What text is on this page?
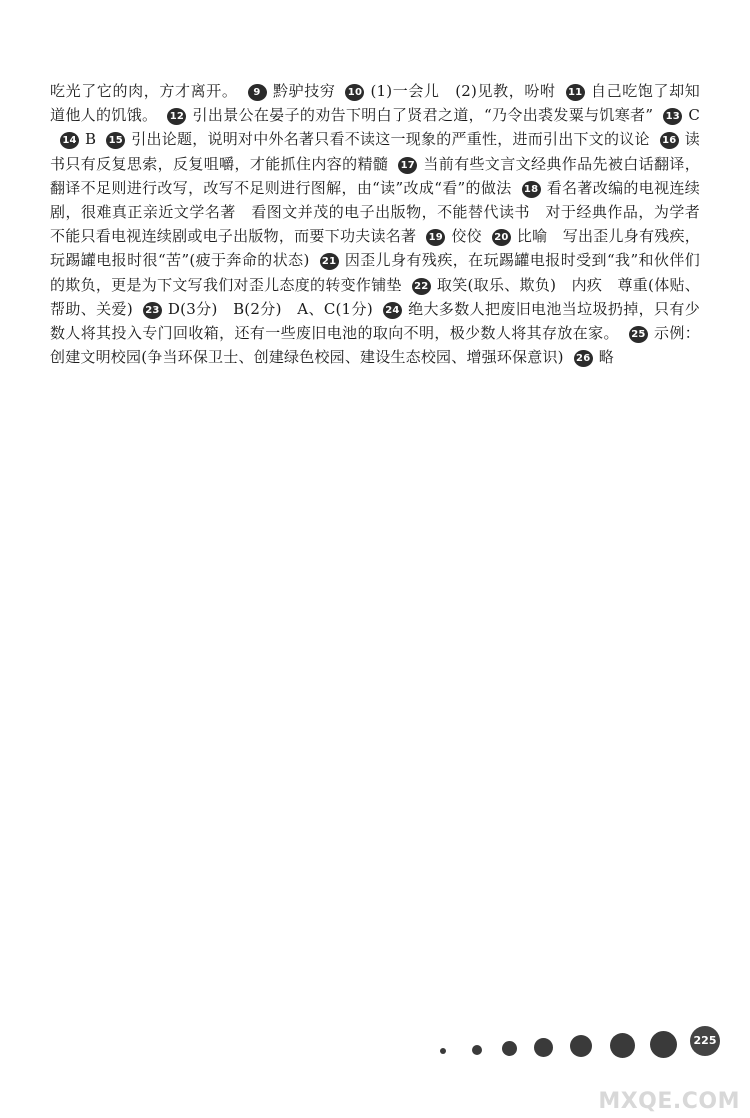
吃光了它的肉，方才离开。 9 黔驴技穷 10 (1)一会儿　(2)见教，吩咐 11 自己吃饱了却知道他人的饥饿。 12 引出景公在晏子的劝告下明白了贤君之道，“乃令出裘发粟与饥寒者” 13 C14 B 15 引出论题，说明对中外名著只看不读这一现象的严重性，进而引出下文的议论 16 读书只有反复思索，反复咀嚼，才能抓住内容的精髓 17 当前有些文言文经典作品先被白话翻译，翻译不足则进行改写，改写不足则进行图解，由“读”改成“看”的做法 18 看名著改编的电视连续剧，很难真正亲近文学名著　看图文并茂的电子出版物，不能替代读书　对于经典作品，为学者不能只看电视连续剧或电子出版物，而要下功夫读名著 19 佼佼 20 比喻　写出歪儿身有残疾，玩踢罐电报时很“苦”(疲于奔命的状态) 21 因歪儿身有残疾，在玩踢罐电报时受到“我”和伙伴们的欺负，更是为下文写我们对歪儿态度的转变作铺垫 22 取笑(取乐、欺负)　内疚　尊重(体贴、帮助、关爱) 23 D(3分)　B(2分)　A、C(1分) 24 绝大多数人把废旧电池当垃圾扔掉，只有少数人将其投入专门回收箱，还有一些废旧电池的取向不明，极少数人将其存放在家。 25 示例：创建文明校园(争当环保卫士、创建绿色校园、建设生态校园、增强环保意识) 26 略

225
MXQE.COM
